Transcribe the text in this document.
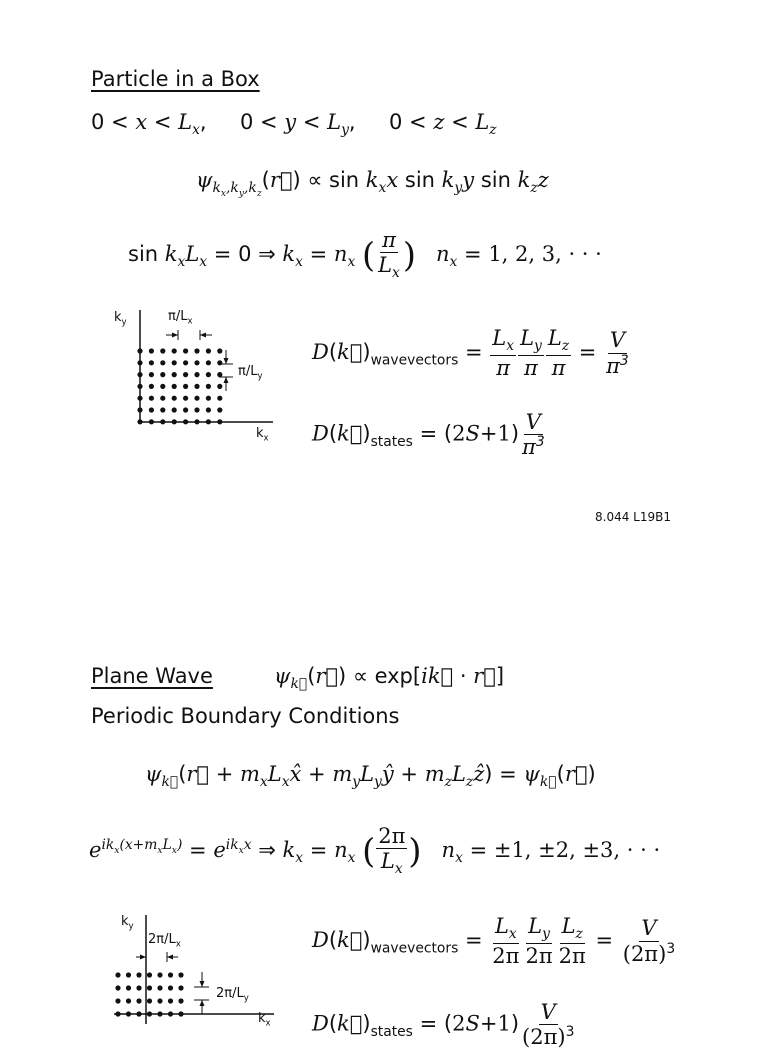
Particle in a Box
$0 < x < L_x$,     $0 < y < L_y$,     $0 < z < L_z$
$\psi_{k_x,k_y,k_z}(r⃗) \propto \sin k_xx$ $\sin k_yy$ $\sin k_zz$
$\sin k_xL_x = 0$ ⇒ $k_x = n_x$ ( $\frac{\pi}{L_x}$ ) $n_x = 1$, 2, 3, · · ·
$k_y$
$k_x$
$\pi/L_x$
$\pi/L_y$
$D(k⃗)_{wavevectors} = \frac{L_x}{\pi} \frac{L_y}{\pi} \frac{L_z}{\pi} = \frac{V}{\pi^3}$
$D(k⃗)_{states} = (2S+1) \frac{V}{\pi^3}$
8.044 L19B1
Plane Wave	$\psi_{k⃗}(r⃗)$ ∝ exp[ik⃗ · r⃗]
Periodic Boundary Conditions
$\psi_{k⃗}(r⃗$ + $m_xL_xx̂$ + $m_yL_yŷ$ + $m_zL_zẑ$) = $\psi_{k⃗}(r⃗)$
$e^{ik_x(x+m_xL_x)} = e^{ik_xx}$ ⇒ $k_x = n_x$ ( $\frac{2\pi}{L_x}$ ) $n_x = \pm 1$, ±2, ±3, · · ·
$k_y$
$k_x$
$2\pi/L_x$
$2\pi/L_y$
$D(k⃗)_{wavevectors} = \frac{L_x}{2\pi} \frac{L_y}{2\pi} \frac{L_z}{2\pi} = \frac{V}{(2\pi)^3}$
$D(k⃗)_{states} = (2S+1) \frac{V}{(2\pi)^3}$
